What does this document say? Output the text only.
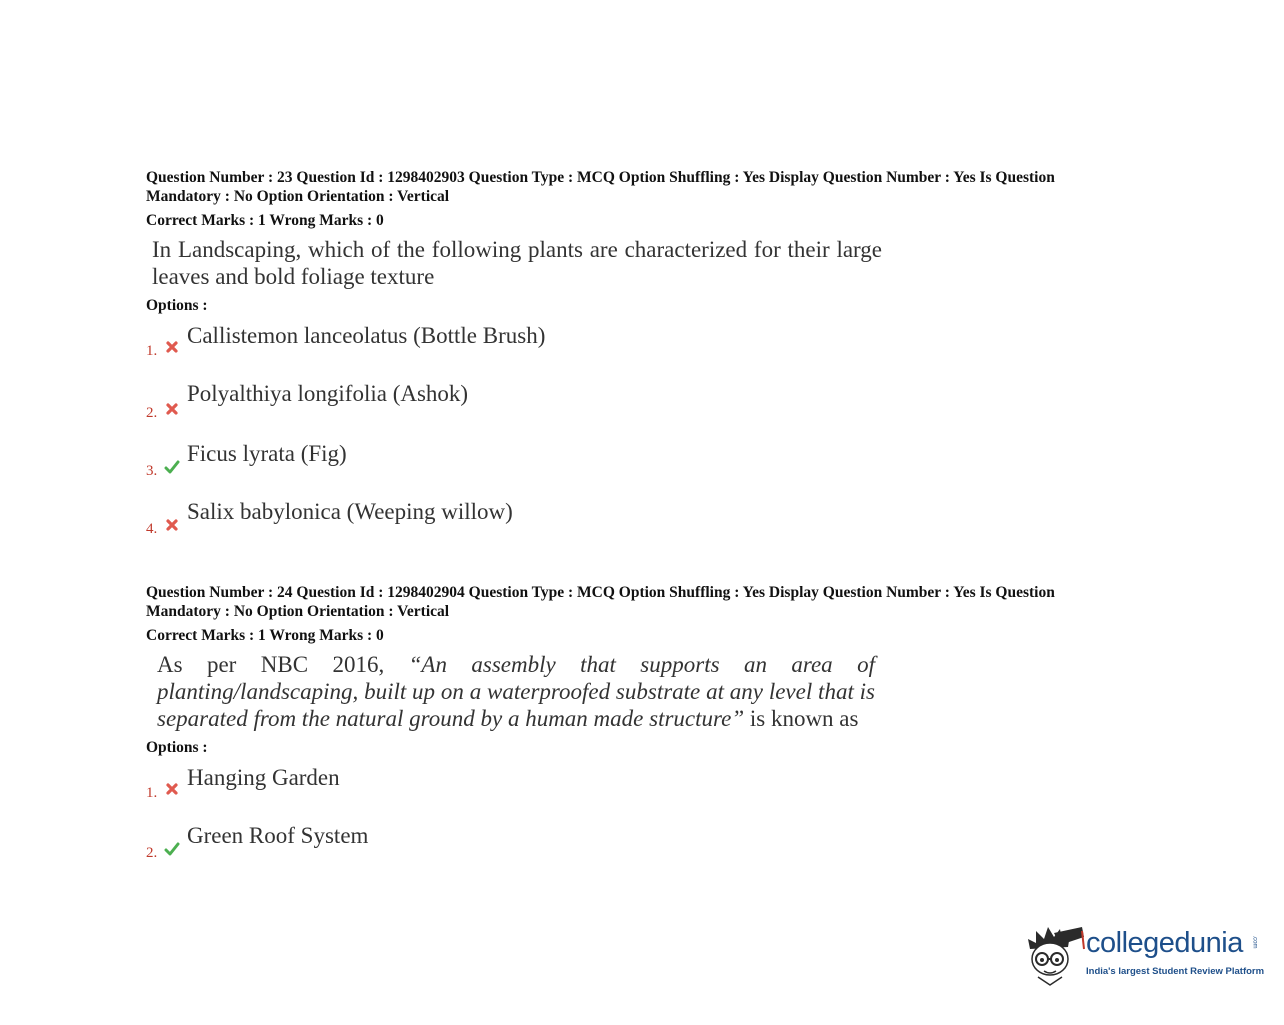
Question Number : 23 Question Id : 1298402903 Question Type : MCQ Option Shuffling : Yes Display Question Number : Yes Is Question Mandatory : No Option Orientation : Vertical
Correct Marks : 1 Wrong Marks : 0
In Landscaping, which of the following plants are characterized for their large leaves and bold foliage texture
Options :
1.
Callistemon lanceolatus (Bottle Brush)
2.
Polyalthiya longifolia (Ashok)
3.
Ficus lyrata (Fig)
4.
Salix babylonica (Weeping willow)
Question Number : 24 Question Id : 1298402904 Question Type : MCQ Option Shuffling : Yes Display Question Number : Yes Is Question Mandatory : No Option Orientation : Vertical
Correct Marks : 1 Wrong Marks : 0
As per NBC 2016, “An assembly that supports an area of planting/landscaping, built up on a waterproofed substrate at any level that is separated from the natural ground by a human made structure” is known as
Options :
1.
Hanging Garden
2.
Green Roof System
collegedunia .com
India's largest Student Review Platform
